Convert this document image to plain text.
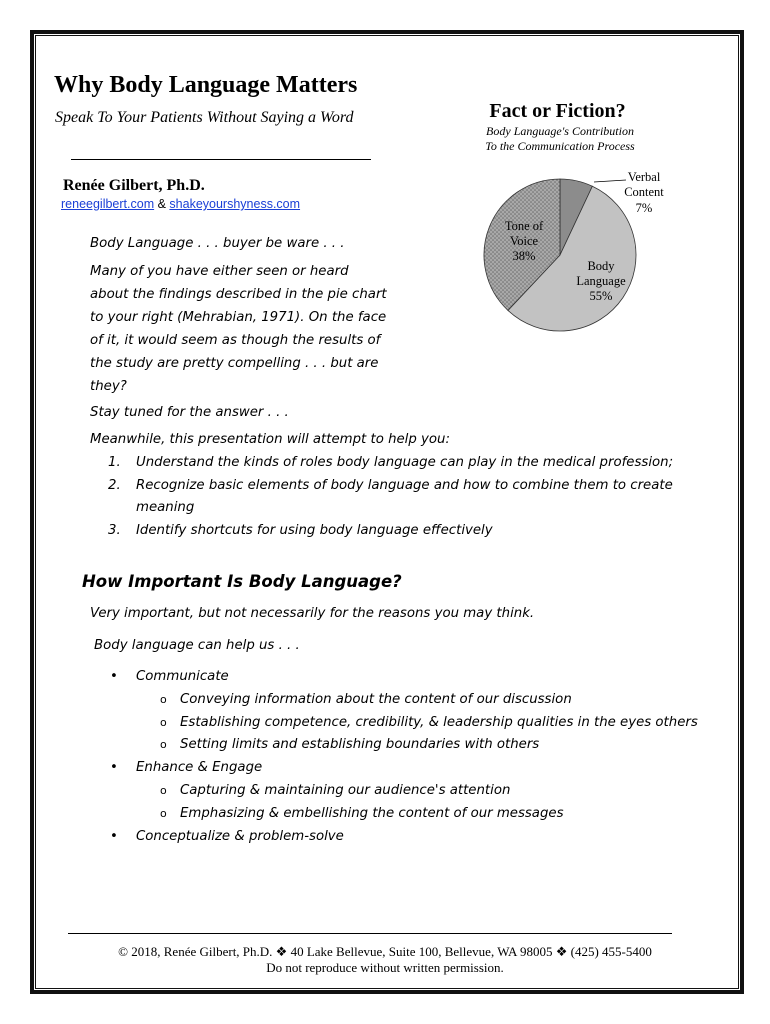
Why Body Language Matters
Speak To Your Patients Without Saying a Word
Renée Gilbert, Ph.D.
reneegilbert.com & shakeyourshyness.com
Fact or Fiction?
Body Language's Contribution
To the Communication Process
Verbal
Content
7%
Body
Language
55%
Tone of
Voice
38%
Body Language . . . buyer be ware . . .
Many of you have either seen or heard about the findings described in the pie chart to your right (Mehrabian, 1971). On the face of it, it would seem as though the results of the study are pretty compelling . . . but are they?
Stay tuned for the answer . . .
Meanwhile, this presentation will attempt to help you:
1. Understand the kinds of roles body language can play in the medical profession;
2. Recognize basic elements of body language and how to combine them to create meaning
3. Identify shortcuts for using body language effectively
How Important Is Body Language?
Very important, but not necessarily for the reasons you may think.
Body language can help us . . .
• Communicate
o Conveying information about the content of our discussion
o Establishing competence, credibility, & leadership qualities in the eyes others
o Setting limits and establishing boundaries with others
• Enhance & Engage
o Capturing & maintaining our audience's attention
o Emphasizing & embellishing the content of our messages
• Conceptualize & problem-solve
© 2018, Renée Gilbert, Ph.D. ❖ 40 Lake Bellevue, Suite 100, Bellevue, WA 98005 ❖ (425) 455-5400
Do not reproduce without written permission.
